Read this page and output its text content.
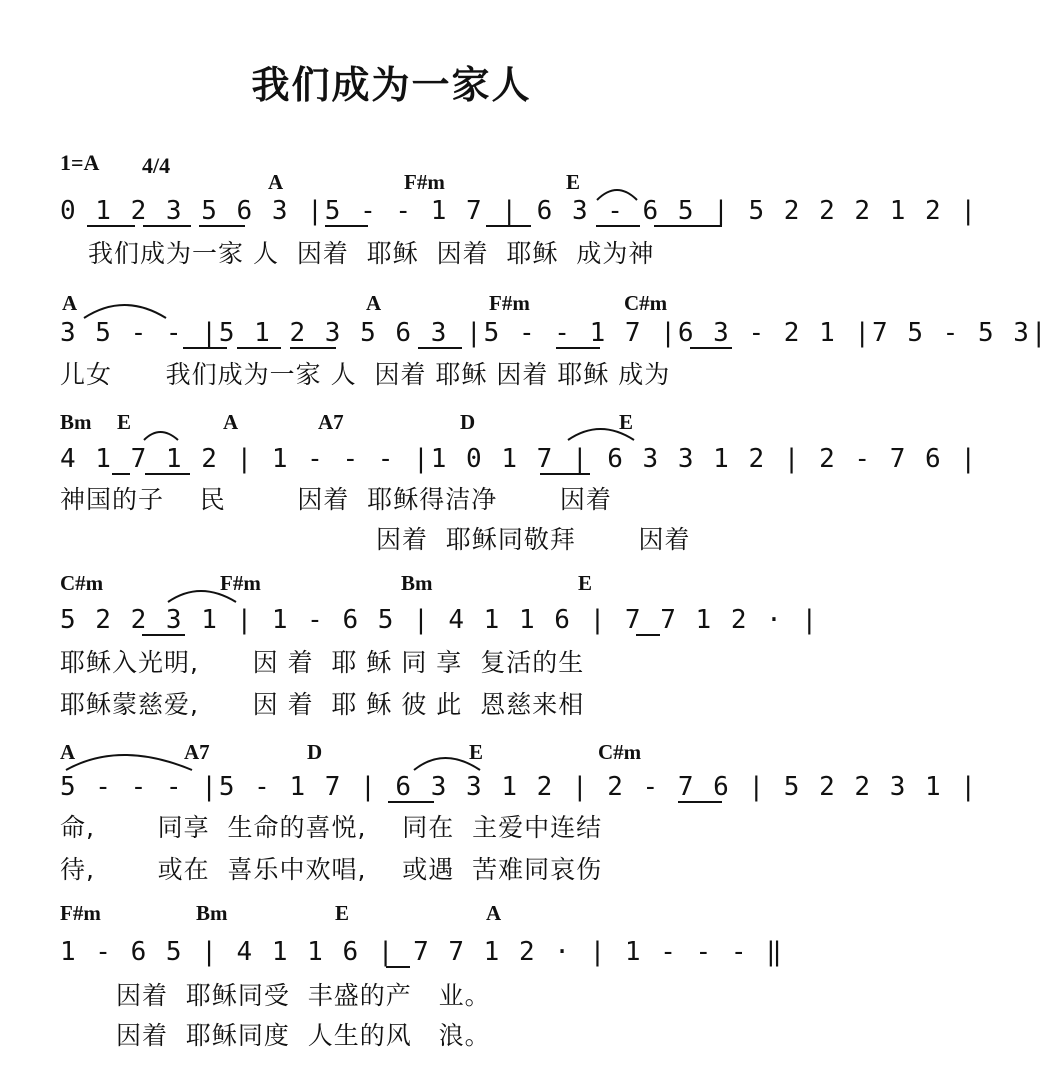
我们成为一家人
1=A 4/4
A	F#m	E
0 1 2 3 5 6 3 |5 - - 1 7 | 6 3 - 6 5 | 5 2 2 2 1 2 |
我们成为一家 人  因着  耶稣  因着  耶稣  成为神
A	A	F#m	C#m
3 5 - - |5 1 2 3 5 6 3 |5 - - 1 7 |6 3 - 2 1 |7 5 - 5 3|
儿女      我们成为一家 人  因着 耶稣 因着 耶稣 成为
Bm E	A	A7	D	E
4 1 7 1 2 | 1 - - - |1 0 1 7 | 6 3 3 1 2 | 2 - 7 6 |
神国的子    民        因着  耶稣得洁净       因着
因着  耶稣同敬拜       因着
C#m	F#m	Bm	E
5 2 2 3 1 | 1 - 6 5 | 4 1 1 6 | 7 7 1 2 · |
耶稣入光明,      因 着  耶 稣 同 享  复活的生
耶稣蒙慈爱,      因 着  耶 稣 彼 此  恩慈来相
A	A7	D	E	C#m
5 - - - |5 - 1 7 | 6 3 3 1 2 | 2 - 7 6 | 5 2 2 3 1 |
命,       同享  生命的喜悦,    同在  主爱中连结
待,       或在  喜乐中欢唱,    或遇  苦难同哀伤
F#m	Bm	E	A
1 - 6 5 | 4 1 1 6 | 7 7 1 2 · | 1 - - - ‖
因着  耶稣同受  丰盛的产   业。
因着  耶稣同度  人生的风   浪。
